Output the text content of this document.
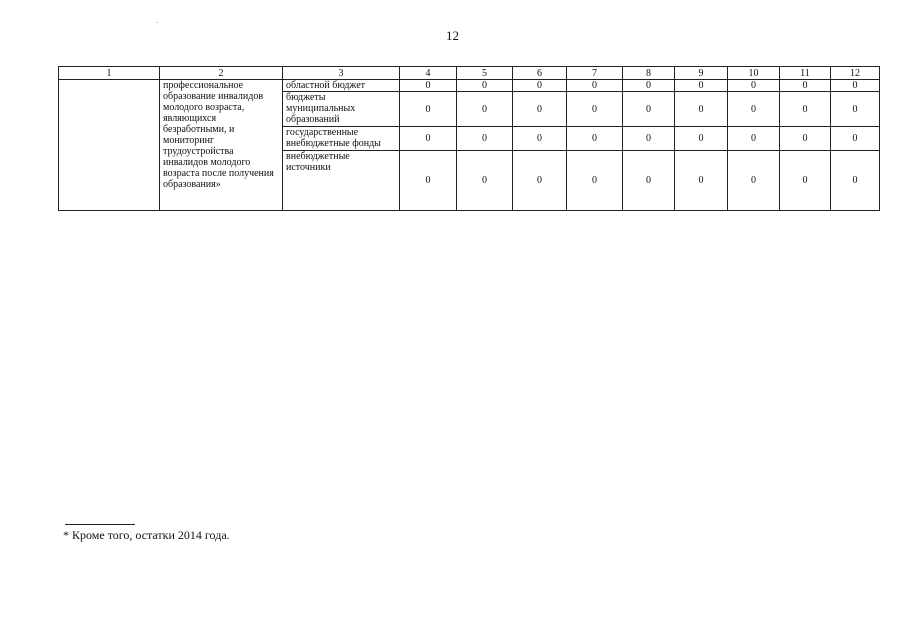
12
1	2	3	4	5	6	7	8	9	10	11	12
	профессиональное образование инвалидов молодого возраста, являющихся безработными, и мониторинг трудоустройства инвалидов молодого возраста после получения образования»	областной бюджет	0	0	0	0	0	0	0	0	0
		бюджеты муниципальных образований	0	0	0	0	0	0	0	0	0
		государственные внебюджетные фонды	0	0	0	0	0	0	0	0	0
		внебюджетные источники	0	0	0	0	0	0	0	0	0
* Кроме того, остатки 2014 года.
